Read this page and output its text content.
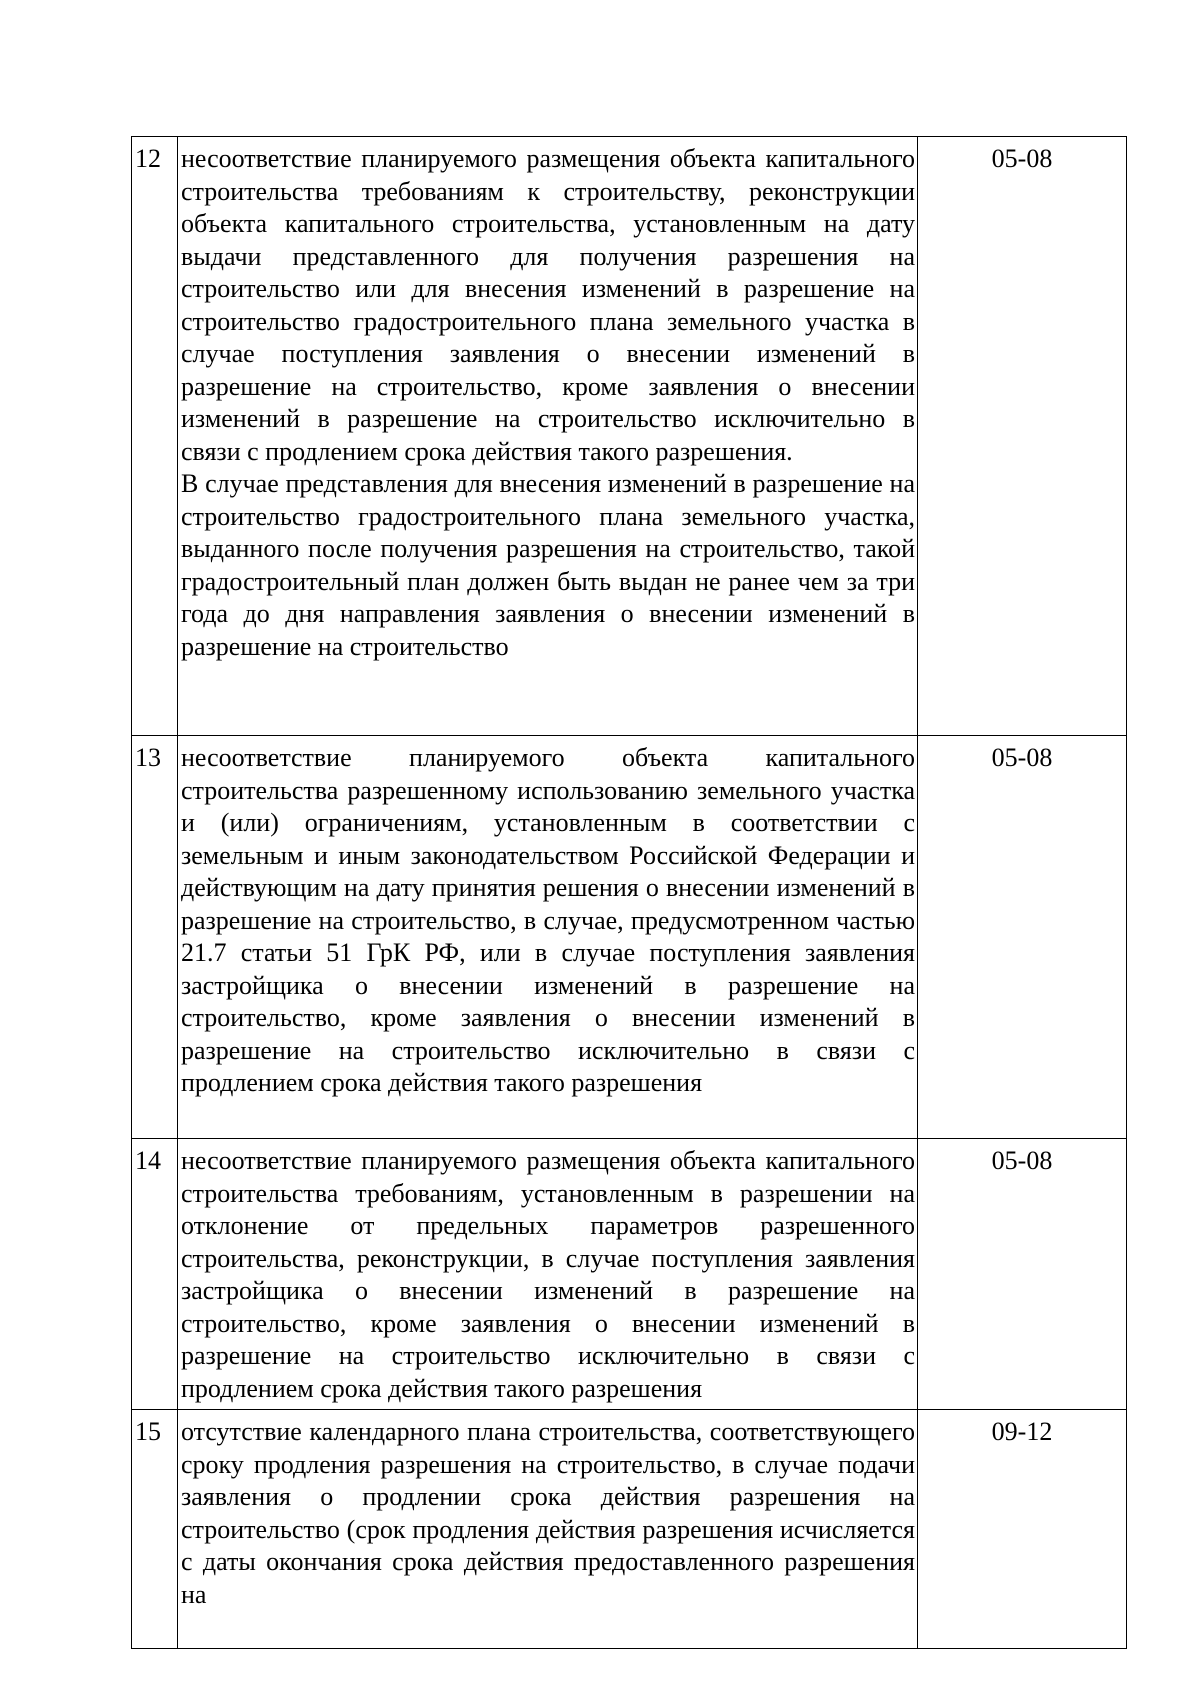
12	несоответствие планируемого размещения объекта капитального строительства требованиям к строительству, реконструкции объекта капитального строительства, установленным на дату выдачи представленного для получения разрешения на строительство или для внесения изменений в разрешение на строительство градостроительного плана земельного участка в случае поступления заявления о внесении изменений в разрешение на строительство, кроме заявления о внесении изменений в разрешение на строительство исключительно в связи с продлением срока действия такого разрешения.

В случае представления для внесения изменений в разрешение на строительство градостроительного плана земельного участка, выданного после получения разрешения на строительство, такой градостроительный план должен быть выдан не ранее чем за три года до дня направления заявления о внесении изменений в разрешение на строительство	05-08
13	несоответствие планируемого объекта капитального строительства разрешенному использованию земельного участка и (или) ограничениям, установленным в соответствии с земельным и иным законодательством Российской Федерации и действующим на дату принятия решения о внесении изменений в разрешение на строительство, в случае, предусмотренном частью 21.7 статьи 51 ГрК РФ, или в случае поступления заявления застройщика о внесении изменений в разрешение на строительство, кроме заявления о внесении изменений в разрешение на строительство исключительно в связи с продлением срока действия такого разрешения	05-08
14	несоответствие планируемого размещения объекта капитального строительства требованиям, установленным в разрешении на отклонение от предельных параметров разрешенного строительства, реконструкции, в случае поступления заявления застройщика о внесении изменений в разрешение на строительство, кроме заявления о внесении изменений в разрешение на строительство исключительно в связи с продлением срока действия такого разрешения	05-08
15	отсутствие календарного плана строительства, соответствующего сроку продления разрешения на строительство, в случае подачи заявления о продлении срока действия разрешения на строительство (срок продления действия разрешения исчисляется с даты окончания срока действия предоставленного разрешения на	09-12
